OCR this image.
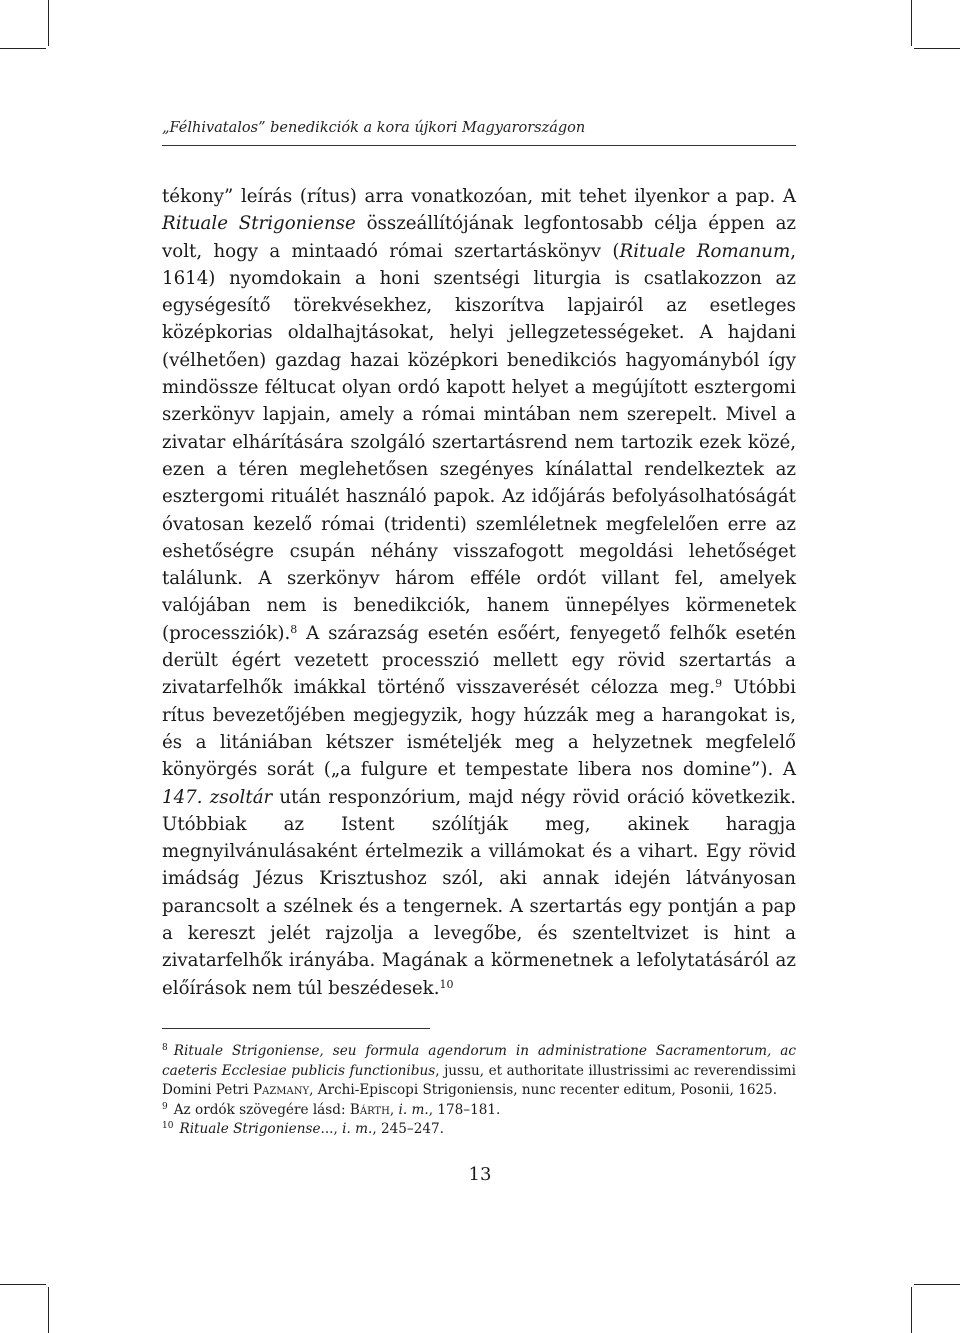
„Félhivatalos” benedikciók a kora újkori Magyarországon
tékony” leírás (rítus) arra vonatkozóan, mit tehet ilyenkor a pap. A Rituale Strigoniense összeállítójának legfontosabb célja éppen az volt, hogy a mintaadó római szertartáskönyv (Rituale Romanum, 1614) nyomdokain a honi szentségi liturgia is csatlakozzon az egységesítő törekvésekhez, kiszorítva lapjairól az esetleges középkorias oldalhajtásokat, helyi jellegzetességeket. A hajdani (vélhetően) gazdag hazai középkori benedikciós hagyományból így mindössze féltucat olyan ordó kapott helyet a megújított esztergomi szerkönyv lapjain, amely a római mintában nem szerepelt. Mivel a zivatar elhárítására szolgáló szertartásrend nem tartozik ezek közé, ezen a téren meglehetősen szegényes kínálattal rendelkeztek az esztergomi rituálét használó papok. Az időjárás befolyásolhatóságát óvatosan kezelő római (tridenti) szemléletnek megfelelően erre az eshetőségre csupán néhány visszafogott megoldási lehetőséget találunk. A szerkönyv három efféle ordót villant fel, amelyek valójában nem is benedikciók, hanem ünnepélyes körmenetek (processziók).$^8$ A szárazság esetén esőért, fenyegető felhők esetén derült égért vezetett processzió mellett egy rövid szertartás a zivatarfelhők imákkal történő visszaverését célozza meg.$^9$ Utóbbi rítus bevezetőjében megjegyzik, hogy húzzák meg a harangokat is, és a litániában kétszer ismételjék meg a helyzetnek megfelelő könyörgés sorát („a fulgure et tempestate libera nos domine”). A 147. zsoltár után responzórium, majd négy rövid oráció következik. Utóbbiak az Istent szólítják meg, akinek haragja megnyilvánulásaként értelmezik a villámokat és a vihart. Egy rövid imádság Jézus Krisztushoz szól, aki annak idején látványosan parancsolt a szélnek és a tengernek. A szertartás egy pontján a pap a kereszt jelét rajzolja a levegőbe, és szenteltvizet is hint a zivatarfelhők irányába. Magának a körmenetnek a lefolytatásáról az előírások nem túl beszédesek.$^{10}$

$^8$ Rituale Strigoniense, seu formula agendorum in administratione Sacramentorum, ac caeteris Ecclesiae publicis functionibus, jussu, et authoritate illustrissimi ac reverendissimi Domini Petri Pazmany, Archi-Episcopi Strigoniensis, nunc recenter editum, Posonii, 1625.

$^9$ Az ordók szövegére lásd: Bárth, i. m., 178–181.

$^{10}$ Rituale Strigoniense..., i. m., 245–247.

13
